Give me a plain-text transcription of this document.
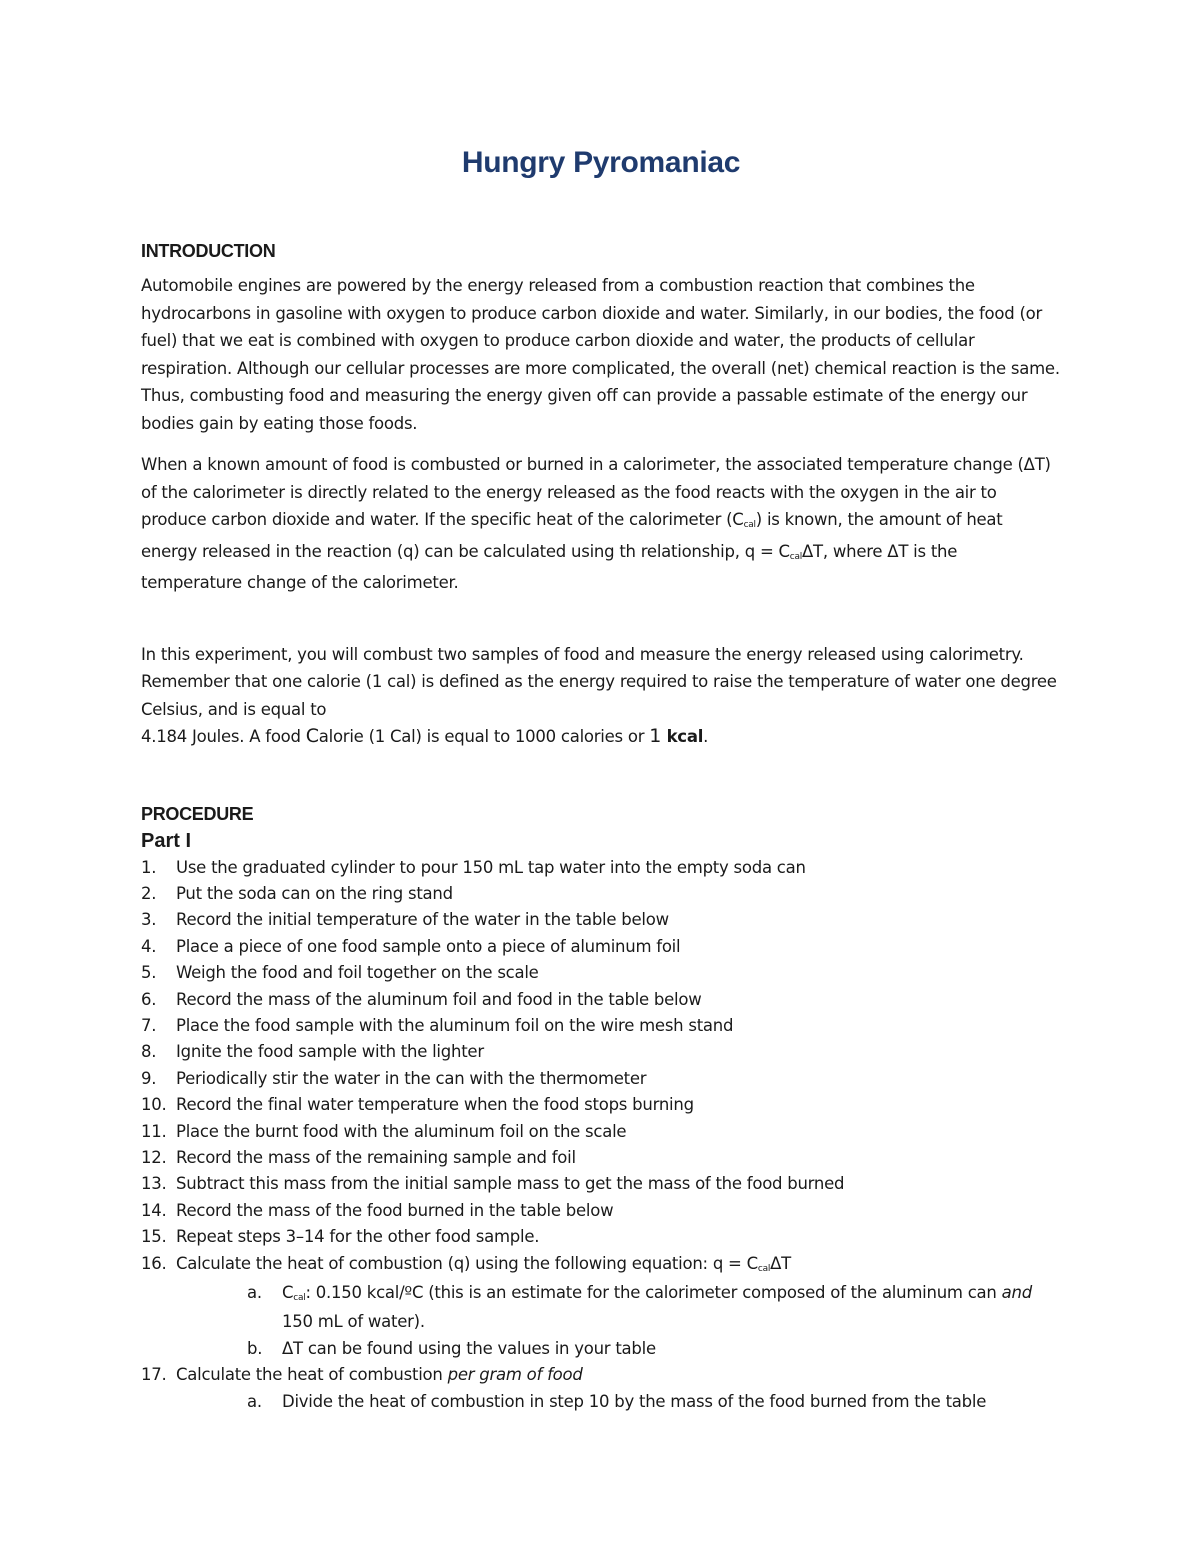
Hungry Pyromaniac
INTRODUCTION

Automobile engines are powered by the energy released from a combustion reaction that combines the hydrocarbons in gasoline with oxygen to produce carbon dioxide and water. Similarly, in our bodies, the food (or fuel) that we eat is combined with oxygen to produce carbon dioxide and water, the products of cellular respiration. Although our cellular processes are more complicated, the overall (net) chemical reaction is the same. Thus, combusting food and measuring the energy given off can provide a passable estimate of the energy our bodies gain by eating those foods.

When a known amount of food is combusted or burned in a calorimeter, the associated temperature change (ΔT) of the calorimeter is directly related to the energy released as the food reacts with the oxygen in the air to produce carbon dioxide and water. If the specific heat of the calorimeter $(C_{cal})$ is known, the amount of heat energy released in the reaction (q) can be calculated using th relationship, $q = C_{cal}\Delta T$, where ΔT is the temperature change of the calorimeter.

In this experiment, you will combust two samples of food and measure the energy released using calorimetry. Remember that one calorie (1 cal) is defined as the energy required to raise the temperature of water one degree Celsius, and is equal to
4.184 Joules. A food Calorie (1 Cal) is equal to 1000 calories or 1 kcal.

PROCEDURE
Part I
1. Use the graduated cylinder to pour 150 mL tap water into the empty soda can
2. Put the soda can on the ring stand
3. Record the initial temperature of the water in the table below
4. Place a piece of one food sample onto a piece of aluminum foil
5. Weigh the food and foil together on the scale
6. Record the mass of the aluminum foil and food in the table below
7. Place the food sample with the aluminum foil on the wire mesh stand
8. Ignite the food sample with the lighter
9. Periodically stir the water in the can with the thermometer
10. Record the final water temperature when the food stops burning
11. Place the burnt food with the aluminum foil on the scale
12. Record the mass of the remaining sample and foil
13. Subtract this mass from the initial sample mass to get the mass of the food burned
14. Record the mass of the food burned in the table below
15. Repeat steps 3–14 for the other food sample.
16. Calculate the heat of combustion (q) using the following equation: $q = C_{cal}\Delta T$
a. $C_{cal}$: 0.150 kcal/ºC (this is an estimate for the calorimeter composed of the aluminum can and 150 mL of water).
b. ΔT can be found using the values in your table
17. Calculate the heat of combustion per gram of food
a. Divide the heat of combustion in step 10 by the mass of the food burned from the table
